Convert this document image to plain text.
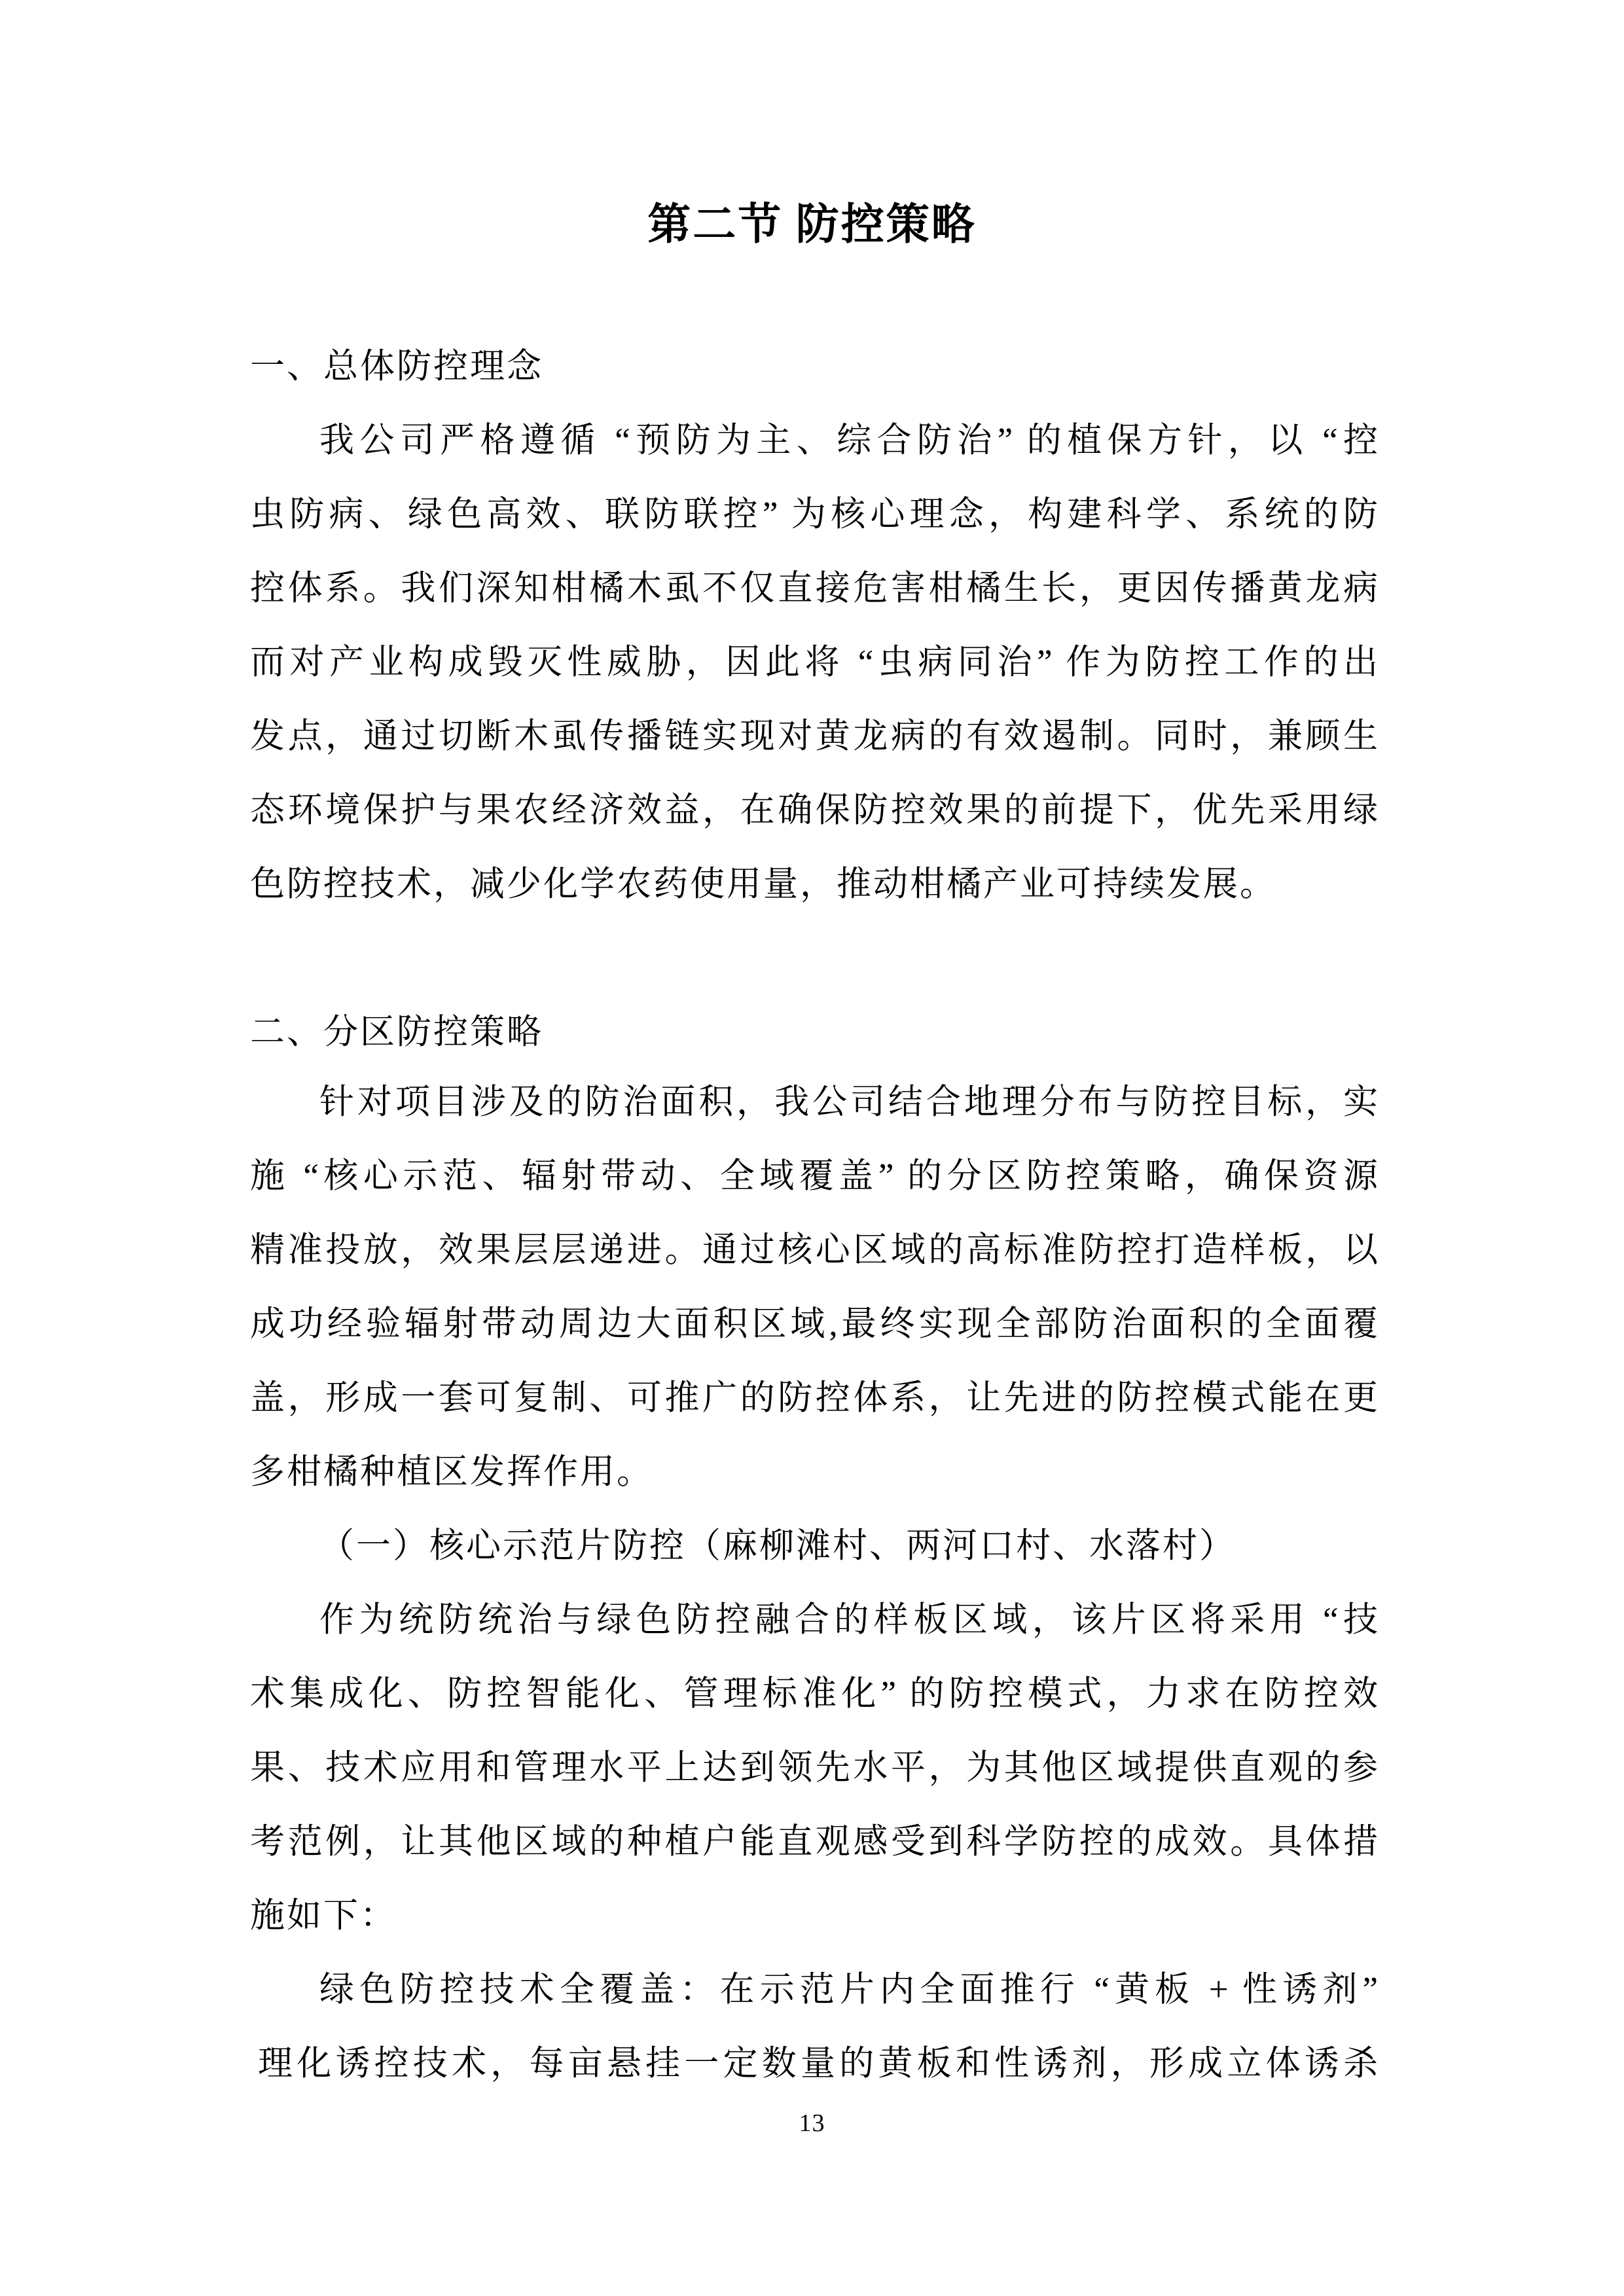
第二节 防控策略
一、总体防控理念
我公司严格遵循 “预防为主、综合防治” 的植保方针，以 “控
虫防病、绿色高效、联防联控” 为核心理念，构建科学、系统的防
控体系。我们深知柑橘木虱不仅直接危害柑橘生长，更因传播黄龙病
而对产业构成毁灭性威胁，因此将 “虫病同治” 作为防控工作的出
发点，通过切断木虱传播链实现对黄龙病的有效遏制。同时，兼顾生
态环境保护与果农经济效益，在确保防控效果的前提下，优先采用绿
色防控技术，减少化学农药使用量，推动柑橘产业可持续发展。
二、分区防控策略
针对项目涉及的防治面积，我公司结合地理分布与防控目标，实
施 “核心示范、辐射带动、全域覆盖” 的分区防控策略，确保资源
精准投放，效果层层递进。通过核心区域的高标准防控打造样板，以
成功经验辐射带动周边大面积区域,最终实现全部防治面积的全面覆
盖，形成一套可复制、可推广的防控体系，让先进的防控模式能在更
多柑橘种植区发挥作用。
（一）核心示范片防控（麻柳滩村、两河口村、水落村）
作为统防统治与绿色防控融合的样板区域，该片区将采用 “技
术集成化、防控智能化、管理标准化” 的防控模式，力求在防控效
果、技术应用和管理水平上达到领先水平，为其他区域提供直观的参
考范例，让其他区域的种植户能直观感受到科学防控的成效。具体措
施如下：
绿色防控技术全覆盖：在示范片内全面推行 “黄板 + 性诱剂”
理化诱控技术，每亩悬挂一定数量的黄板和性诱剂，形成立体诱杀
13
